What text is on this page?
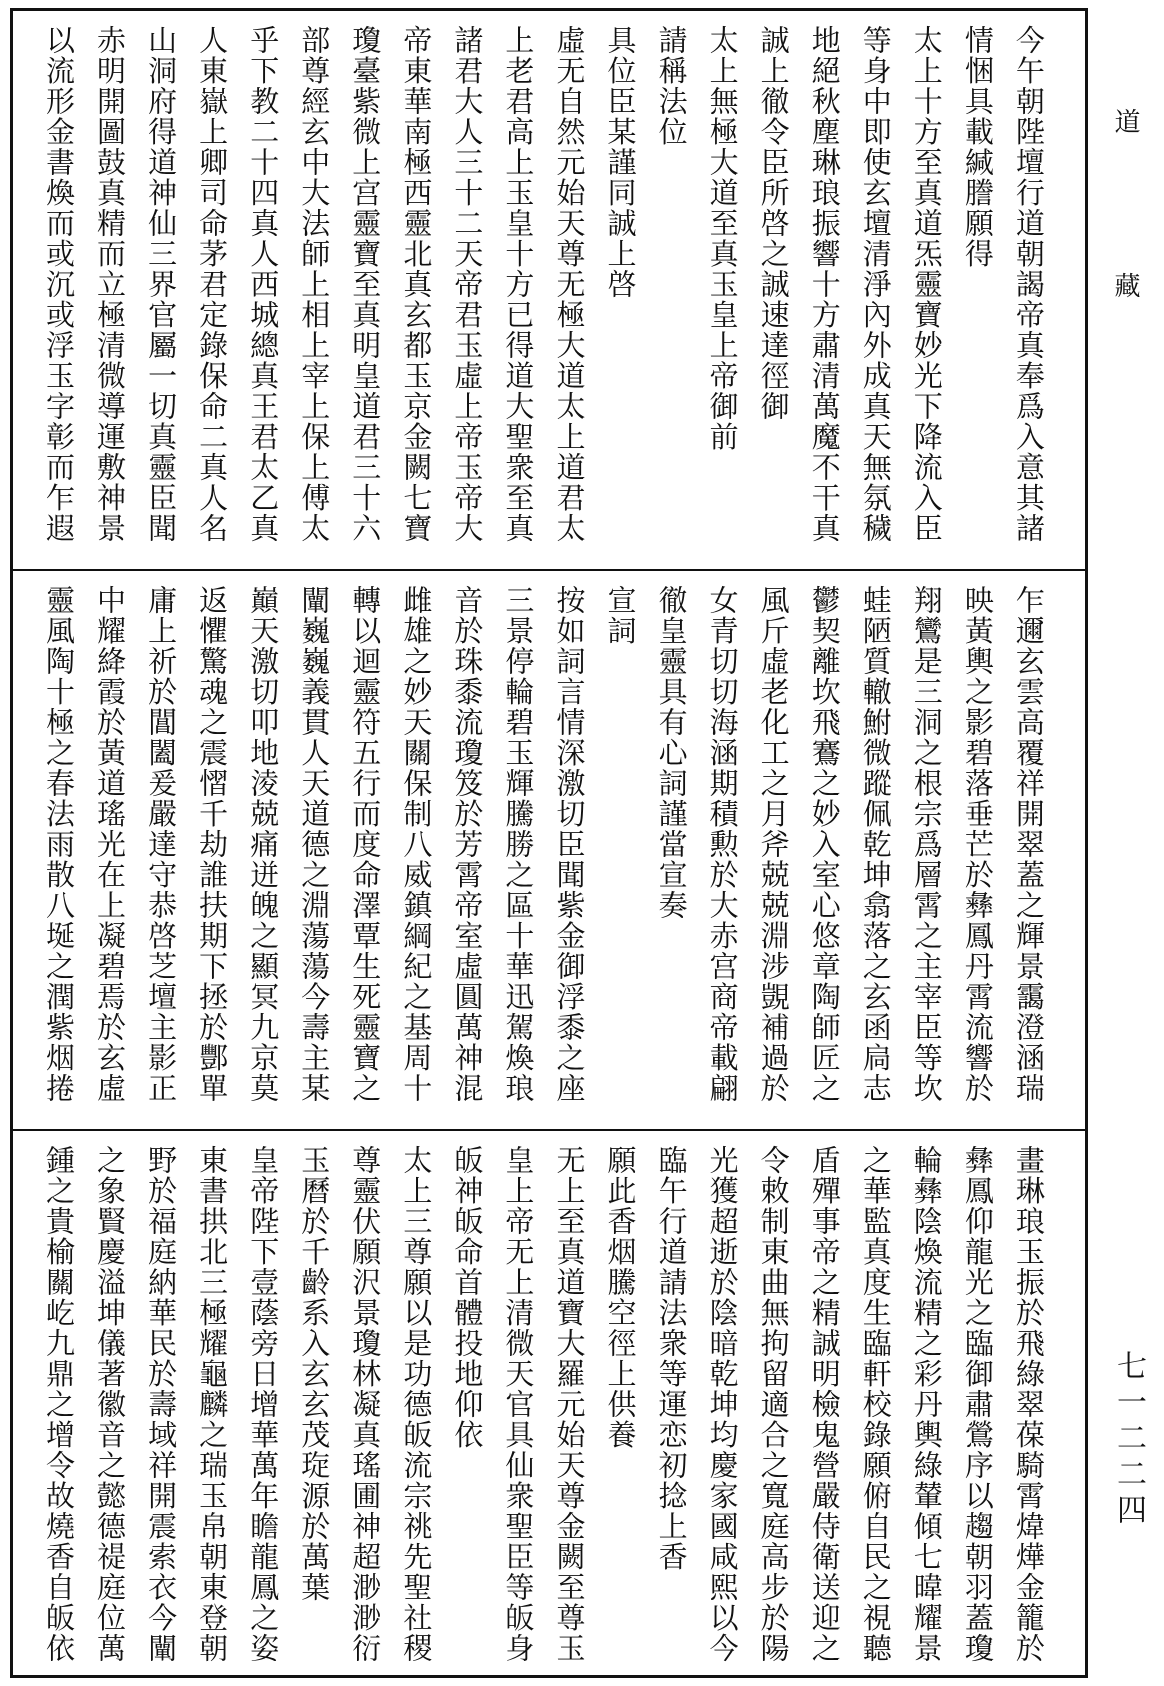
今午朝陛壇行道朝謁帝真奉爲入意其諸
情悃具載緘謄願得
太上十方至真道炁靈寶妙光下降流入臣
等身中即使玄壇清淨內外成真天無氛穢
地絕秋塵琳琅振響十方肅清萬魔不干真
誠上徹令臣所啓之誠速達徑御
太上無極大道至真玉皇上帝御前
請稱法位
具位臣某謹同誠上啓
虛无自然元始天尊无極大道太上道君太
上老君高上玉皇十方已得道大聖衆至真
諸君大人三十二天帝君玉虛上帝玉帝大
帝東華南極西靈北真玄都玉京金闕七寶
瓊臺紫微上宫靈寶至真明皇道君三十六
部尊經玄中大法師上相上宰上保上傅太
乎下教二十四真人西城總真王君太乙真
人東嶽上卿司命茅君定錄保命二真人名
山洞府得道神仙三界官屬一切真靈臣聞
赤明開圖鼓真精而立極清微導運敷神景
以流形金書煥而或沉或浮玉字彰而乍遐
乍邇玄雲高覆祥開翠蓋之輝景靄澄涵瑞
映黃輿之影碧落垂芒於彝鳳丹霄流響於
翔鸞是三洞之根宗爲層霄之主宰臣等坎
蛙陋質轍鮒微蹤佩乾坤翕落之玄函扃志
鬱契離坎飛鶱之妙入室心悠章陶師匠之
風斤虛老化工之月斧兢兢淵涉覬補過於
女青切切海涵期積勲於大赤宫商帝載翩
徹皇靈具有心詞謹當宣奏
宣詞
按如詞言情深激切臣聞紫金御浮黍之座
三景停輪碧玉輝騰勝之區十華迅駕煥琅
音於珠黍流瓊笈於芳霄帝室虛圓萬神混
雌雄之妙天關保制八威鎮綱紀之基周十
轉以迴靈符五行而度命澤覃生死靈寶之
闡巍巍義貫人天道德之淵蕩蕩今壽主某
巔天激切叩地淩兢痛迸魄之顯冥九京莫
返懼驚魂之震慴千劫誰扶期下拯於酆單
庸上祈於閶闔爰嚴達守恭啓芝壇主影正
中耀絳霞於黃道瑤光在上凝碧焉於玄虛
靈風陶十極之春法雨散八埏之潤紫烟捲
畫琳琅玉振於飛綠翠葆騎霄煒燁金籠於
彝鳳仰龍光之臨御肅鶯序以趨朝羽蓋瓊
輪彝陰煥流精之彩丹輿綠輦傾七暐耀景
之華監真度生臨軒校錄願俯自民之視聽
盾殫事帝之精誠明檢鬼營嚴侍衛送迎之
令敕制東曲無拘留適合之寬庭高步於陽
光獲超逝於陰暗乾坤均慶家國咸熙以今
臨午行道請法衆等運恋初捻上香
願此香烟騰空徑上供養
无上至真道寶大羅元始天尊金闕至尊玉
皇上帝无上清微天官具仙衆聖臣等皈身
皈神皈命首體投地仰依
太上三尊願以是功德皈流宗祧先聖社稷
尊靈伏願沢景瓊林凝真瑤圃神超渺渺衍
玉曆於千齡系入玄玄茂琁源於萬葉
皇帝陛下壹蔭旁日增華萬年瞻龍鳳之姿
東書拱北三極耀龜麟之瑞玉帛朝東登朝
野於福庭納華民於壽域祥開震索衣今闡
之象賢慶溢坤儀著徽音之懿德禔庭位萬
鍾之貴榆關屹九鼎之增令故燒香自皈依
道
藏
七一二二四
